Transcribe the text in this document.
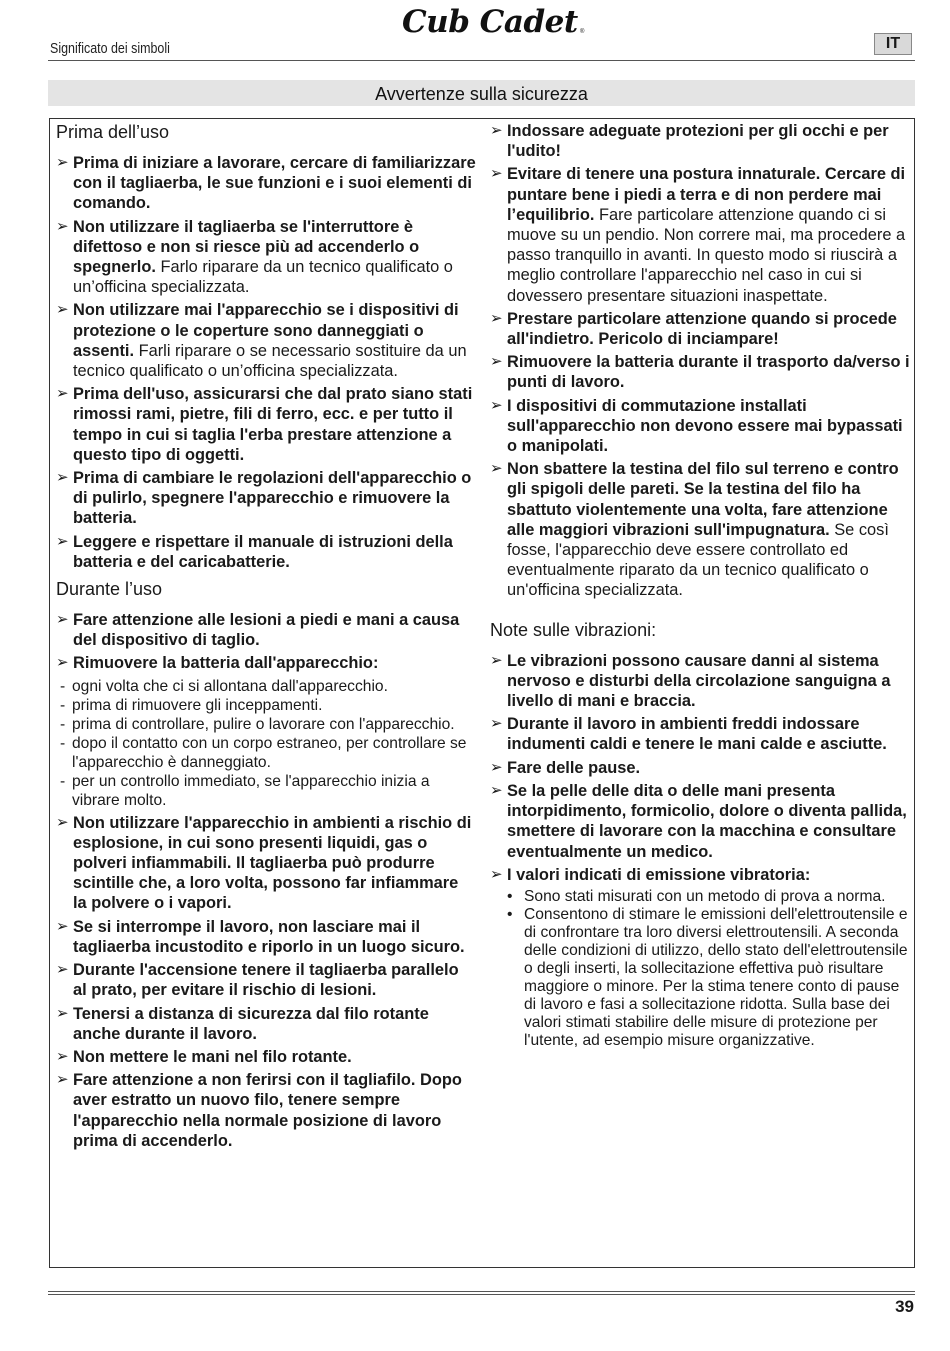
Significato dei simboli
Cub Cadet ®
IT
Avvertenze sulla sicurezza
Prima dell’uso
➢ Prima di iniziare a lavorare, cercare di familiarizzare con il tagliaerba, le sue funzioni e i suoi elementi di comando.
➢ Non utilizzare il tagliaerba se l'interruttore è difettoso e non si riesce più ad accenderlo o spegnerlo. Farlo riparare da un tecnico qualificato o un’officina specializzata.
➢ Non utilizzare mai l'apparecchio se i dispositivi di protezione o le coperture sono danneggiati o assenti. Farli riparare o se necessario sostituire da un tecnico qualificato o un’officina specializzata.
➢ Prima dell'uso, assicurarsi che dal prato siano stati rimossi rami, pietre, fili di ferro, ecc. e per tutto il tempo in cui si taglia l'erba prestare attenzione a questo tipo di oggetti.
➢ Prima di cambiare le regolazioni dell'apparecchio o di pulirlo, spegnere l'apparecchio e rimuovere la batteria.
➢ Leggere e rispettare il manuale di istruzioni della batteria e del caricabatterie.
Durante l’uso
➢ Fare attenzione alle lesioni a piedi e mani a causa del dispositivo di taglio.
➢ Rimuovere la batteria dall'apparecchio:
- ogni volta che ci si allontana dall'apparecchio.
- prima di rimuovere gli inceppamenti.
- prima di controllare, pulire o lavorare con l'apparecchio.
- dopo il contatto con un corpo estraneo, per controllare se l'apparecchio è danneggiato.
- per un controllo immediato, se l'apparecchio inizia a vibrare molto.
➢ Non utilizzare l'apparecchio in ambienti a rischio di esplosione, in cui sono presenti liquidi, gas o polveri infiammabili. Il tagliaerba può produrre scintille che, a loro volta, possono far infiammare la polvere o i vapori.
➢ Se si interrompe il lavoro, non lasciare mai il tagliaerba incustodito e riporlo in un luogo sicuro.
➢ Durante l'accensione tenere il tagliaerba parallelo al prato, per evitare il rischio di lesioni.
➢ Tenersi a distanza di sicurezza dal filo rotante anche durante il lavoro.
➢ Non mettere le mani nel filo rotante.
➢ Fare attenzione a non ferirsi con il tagliafilo. Dopo aver estratto un nuovo filo, tenere sempre l'apparecchio nella normale posizione di lavoro prima di accenderlo.
➢ Indossare adeguate protezioni per gli occhi e per l'udito!
➢ Evitare di tenere una postura innaturale. Cercare di puntare bene i piedi a terra e di non perdere mai l’equilibrio. Fare particolare attenzione quando ci si muove su un pendio. Non correre mai, ma procedere a passo tranquillo in avanti. In questo modo si riuscirà a meglio controllare l'apparecchio nel caso in cui si dovessero presentare situazioni inaspettate.
➢ Prestare particolare attenzione quando si procede all'indietro. Pericolo di inciampare!
➢ Rimuovere la batteria durante il trasporto da/verso i punti di lavoro.
➢ I dispositivi di commutazione installati sull'apparecchio non devono essere mai bypassati o manipolati.
➢ Non sbattere la testina del filo sul terreno e contro gli spigoli delle pareti. Se la testina del filo ha sbattuto violentemente una volta, fare attenzione alle maggiori vibrazioni sull'impugnatura. Se così fosse, l'apparecchio deve essere controllato ed eventualmente riparato da un tecnico qualificato o un'officina specializzata.
Note sulle vibrazioni:
➢ Le vibrazioni possono causare danni al sistema nervoso e disturbi della circolazione sanguigna a livello di mani e braccia.
➢ Durante il lavoro in ambienti freddi indossare indumenti caldi e tenere le mani calde e asciutte.
➢ Fare delle pause.
➢ Se la pelle delle dita o delle mani presenta intorpidimento, formicolio, dolore o diventa pallida, smettere di lavorare con la macchina e consultare eventualmente un medico.
➢ I valori indicati di emissione vibratoria:
• Sono stati misurati con un metodo di prova a norma.
• Consentono di stimare le emissioni dell'elettroutensile e di confrontare tra loro diversi elettroutensili. A seconda delle condizioni di utilizzo, dello stato dell'elettroutensile o degli inserti, la sollecitazione effettiva può risultare maggiore o minore. Per la stima tenere conto di pause di lavoro e fasi a sollecitazione ridotta. Sulla base dei valori stimati stabilire delle misure di protezione per l'utente, ad esempio misure organizzative.
39
